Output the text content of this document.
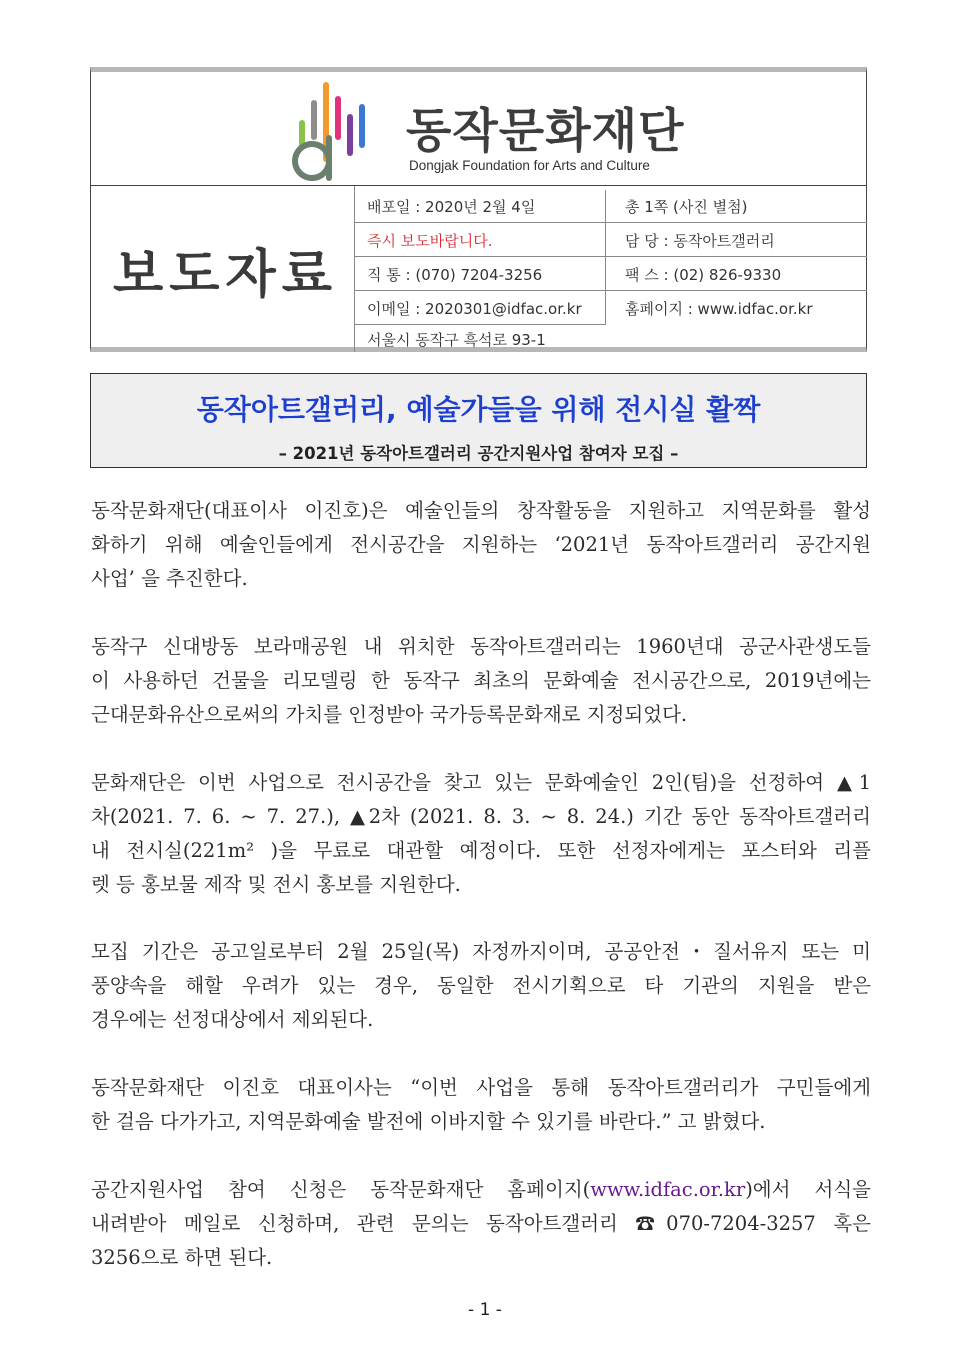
동작문화재단
Dongjak Foundation for Arts and Culture
보도자료
배포일 : 2020년 2월 4일	총 1쪽 (사진 별첨)
즉시 보도바랍니다.	담 당 : 동작아트갤러리
직 통 : (070) 7204-3256	팩 스 : (02) 826-9330
이메일 : 2020301@idfac.or.kr	홈페이지 : www.idfac.or.kr
서울시 동작구 흑석로 93-1
동작아트갤러리, 예술가들을 위해 전시실 활짝
– 2021년 동작아트갤러리 공간지원사업 참여자 모집 –
동작문화재단(대표이사 이진호)은 예술인들의 창작활동을 지원하고 지역문화를 활성
화하기 위해 예술인들에게 전시공간을 지원하는 ‘2021년 동작아트갤러리 공간지원
사업’ 을 추진한다.
동작구 신대방동 보라매공원 내 위치한 동작아트갤러리는 1960년대 공군사관생도들
이 사용하던 건물을 리모델링 한 동작구 최초의 문화예술 전시공간으로, 2019년에는
근대문화유산으로써의 가치를 인정받아 국가등록문화재로 지정되었다.
문화재단은 이번 사업으로 전시공간을 찾고 있는 문화예술인 2인(팀)을 선정하여 ▲1
차(2021. 7. 6. ~ 7. 27.), ▲2차 (2021. 8. 3. ~ 8. 24.) 기간 동안 동작아트갤러리
내 전시실(221m² )을 무료로 대관할 예정이다. 또한 선정자에게는 포스터와 리플
렛 등 홍보물 제작 및 전시 홍보를 지원한다.
모집 기간은 공고일로부터 2월 25일(목) 자정까지이며, 공공안전・질서유지 또는 미
풍양속을 해할 우려가 있는 경우, 동일한 전시기획으로 타 기관의 지원을 받은
경우에는 선정대상에서 제외된다.
동작문화재단 이진호 대표이사는 “이번 사업을 통해 동작아트갤러리가 구민들에게
한 걸음 다가가고, 지역문화예술 발전에 이바지할 수 있기를 바란다.” 고 밝혔다.
공간지원사업 참여 신청은 동작문화재단 홈페이지(www.idfac.or.kr)에서 서식을
내려받아 메일로 신청하며, 관련 문의는 동작아트갤러리 ☎070-7204-3257 혹은
3256으로 하면 된다.
- 1 -
